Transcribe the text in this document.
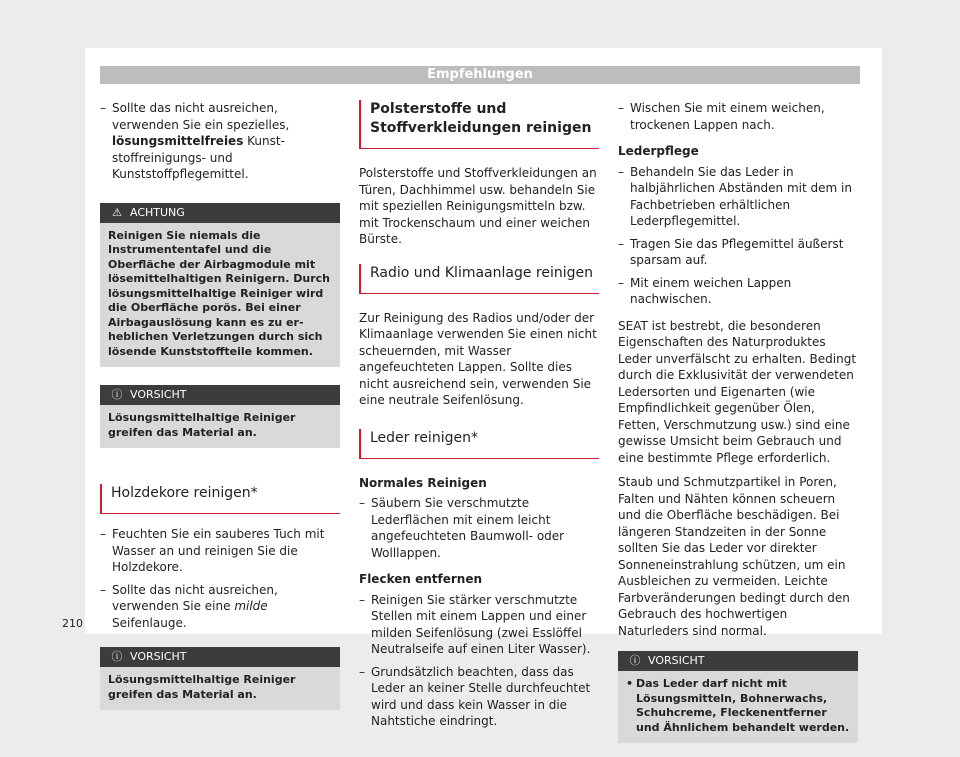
Empfehlungen
– Sollte das nicht ausreichen, verwenden Sie ein spezielles, lösungsmittelfreies Kunststoffreinigungs- und Kunststoffpflegemittel.
⚠ ACHTUNG
Reinigen Sie niemals die Instrumententafel und die Oberfläche der Airbagmodule mit lösemittelhaltigen Reinigern. Durch lösungsmittelhaltige Reiniger wird die Oberfläche porös. Bei einer Airbagauslösung kann es zu erheblichen Verletzungen durch sich lösende Kunststoffteile kommen.
ⓘ VORSICHT
Lösungsmittelhaltige Reiniger greifen das Material an.
Holzdekore reinigen*
– Feuchten Sie ein sauberes Tuch mit Wasser an und reinigen Sie die Holzdekore.
– Sollte das nicht ausreichen, verwenden Sie eine milde Seifenlauge.
ⓘ VORSICHT
Lösungsmittelhaltige Reiniger greifen das Material an.
Polsterstoffe und Stoffverkleidungen reinigen

Polsterstoffe und Stoffverkleidungen an Türen, Dachhimmel usw. behandeln Sie mit speziellen Reinigungsmitteln bzw. mit Trockenschaum und einer weichen Bürste.

Radio und Klimaanlage reinigen

Zur Reinigung des Radios und/oder der Klimaanlage verwenden Sie einen nicht scheuernden, mit Wasser angefeuchteten Lappen. Sollte dies nicht ausreichend sein, verwenden Sie eine neutrale Seifenlösung.

Leder reinigen*
Normales Reinigen
– Säubern Sie verschmutzte Lederflächen mit einem leicht angefeuchteten Baumwoll- oder Wolllappen.
Flecken entfernen
– Reinigen Sie stärker verschmutzte Stellen mit einem Lappen und einer milden Seifenlösung (zwei Esslöffel Neutralseife auf einen Liter Wasser).
– Grundsätzlich beachten, dass das Leder an keiner Stelle durchfeuchtet wird und dass kein Wasser in die Nahtstiche eindringt.
– Wischen Sie mit einem weichen, trockenen Lappen nach.
Lederpflege
– Behandeln Sie das Leder in halbjährlichen Abständen mit dem in Fachbetrieben erhältlichen Lederpflegemittel.
– Tragen Sie das Pflegemittel äußerst sparsam auf.
– Mit einem weichen Lappen nachwischen.

SEAT ist bestrebt, die besonderen Eigenschaften des Naturproduktes Leder unverfälscht zu erhalten. Bedingt durch die Exklusivität der verwendeten Ledersorten und Eigenarten (wie Empfindlichkeit gegenüber Ölen, Fetten, Verschmutzung usw.) sind eine gewisse Umsicht beim Gebrauch und eine bestimmte Pflege erforderlich.

Staub und Schmutzpartikel in Poren, Falten und Nähten können scheuern und die Oberfläche beschädigen. Bei längeren Standzeiten in der Sonne sollten Sie das Leder vor direkter Sonneneinstrahlung schützen, um ein Ausbleichen zu vermeiden. Leichte Farbveränderungen bedingt durch den Gebrauch des hochwertigen Naturleders sind normal.

ⓘ VORSICHT
• Das Leder darf nicht mit Lösungsmitteln, Bohnerwachs, Schuhcreme, Fleckenentferner und Ähnlichem behandelt werden.
210
